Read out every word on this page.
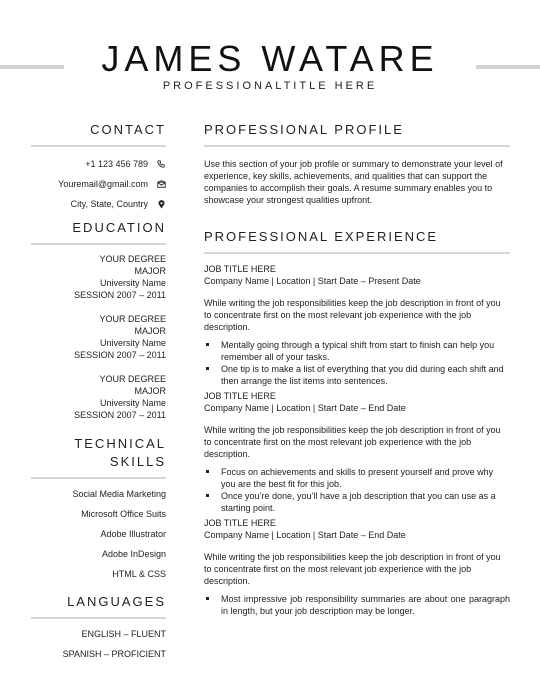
JAMES WATARE
PROFESSIONALTITLE HERE
CONTACT
+1 123 456 789
Youremail@gmail.com
City, State, Country
EDUCATION
YOUR DEGREE
MAJOR
University Name
SESSION 2007 – 2011
YOUR DEGREE
MAJOR
University Name
SESSION 2007 – 2011
YOUR DEGREE
MAJOR
University Name
SESSION 2007 – 2011
TECHNICAL
SKILLS
Social Media Marketing
Microsoft Office Suits
Adobe Illustrator
Adobe InDesign
HTML & CSS
LANGUAGES
ENGLISH – FLUENT
SPANISH – PROFICIENT
PROFESSIONAL PROFILE

Use this section of your job profile or summary to demonstrate your level of experience, key skills, achievements, and qualities that can support the companies to accomplish their goals. A resume summary enables you to showcase your strongest qualities upfront.

PROFESSIONAL EXPERIENCE
JOB TITLE HERE
Company Name | Location | Start Date – Present Date

While writing the job responsibilities keep the job description in front of you to concentrate first on the most relevant job experience with the job description.

Mentally going through a typical shift from start to finish can help you remember all of your tasks.
One tip is to make a list of everything that you did during each shift and then arrange the list items into sentences.
JOB TITLE HERE
Company Name | Location | Start Date – End Date

While writing the job responsibilities keep the job description in front of you to concentrate first on the most relevant job experience with the job description.

Focus on achievements and skills to present yourself and prove why you are the best fit for this job.
Once you’re done, you’ll have a job description that you can use as a starting point.
JOB TITLE HERE
Company Name | Location | Start Date – End Date

While writing the job responsibilities keep the job description in front of you to concentrate first on the most relevant job experience with the job description.

Most impressive job responsibility summaries are about one paragraph in length, but your job description may be longer.
